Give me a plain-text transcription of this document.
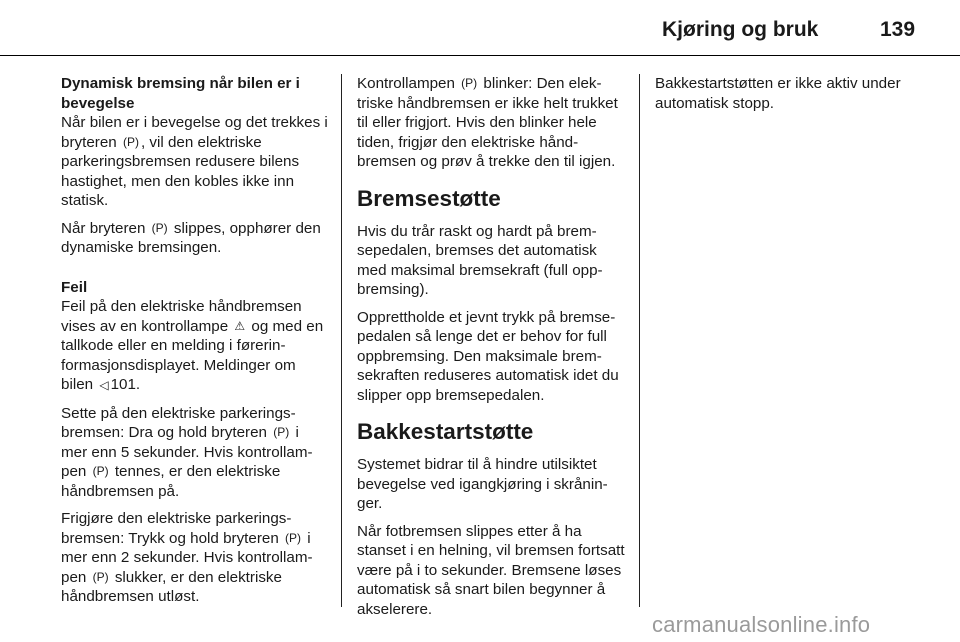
Kjøring og bruk	139
Dynamisk bremsing når bilen er i bevegelse

Når bilen er i bevegelse og det trekkes i bryteren (P) , vil den elektriske parkeringsbremsen redusere bilens hastighet, men den kobles ikke inn statisk.

Når bryteren (P) slippes, opphører den dynamiske bremsingen.

Feil

Feil på den elektriske håndbremsen vises av en kontrollampe ⚠ og med en tallkode eller en melding i førerinformasjonsdisplayet. Meldinger om bilen ◁ 101.

Sette på den elektriske parkeringsbremsen: Dra og hold bryteren (P) i mer enn 5 sekunder. Hvis kontrollampen (P) tennes, er den elektriske håndbremsen på.

Frigjøre den elektriske parkeringsbremsen: Trykk og hold bryteren (P) i mer enn 2 sekunder. Hvis kontrollampen (P) slukker, er den elektriske håndbremsen utløst.

Kontrollampen (P) blinker: Den elektriske håndbremsen er ikke helt trukket til eller frigjort. Hvis den blinker hele tiden, frigjør den elektriske håndbremsen og prøv å trekke den til igjen.

Bremsestøtte

Hvis du trår raskt og hardt på bremsepedalen, bremses det automatisk med maksimal bremsekraft (full oppbremsing).

Opprettholde et jevnt trykk på bremsepedalen så lenge det er behov for full oppbremsing. Den maksimale bremsekraften reduseres automatisk idet du slipper opp bremsepedalen.

Bakkestartstøtte

Systemet bidrar til å hindre utilsiktet bevegelse ved igangkjøring i skråninger.

Når fotbremsen slippes etter å ha stanset i en helning, vil bremsen fortsatt være på i to sekunder. Bremsene løses automatisk så snart bilen begynner å akselerere.

Bakkestartstøtten er ikke aktiv under automatisk stopp.

carmanualsonline.info
